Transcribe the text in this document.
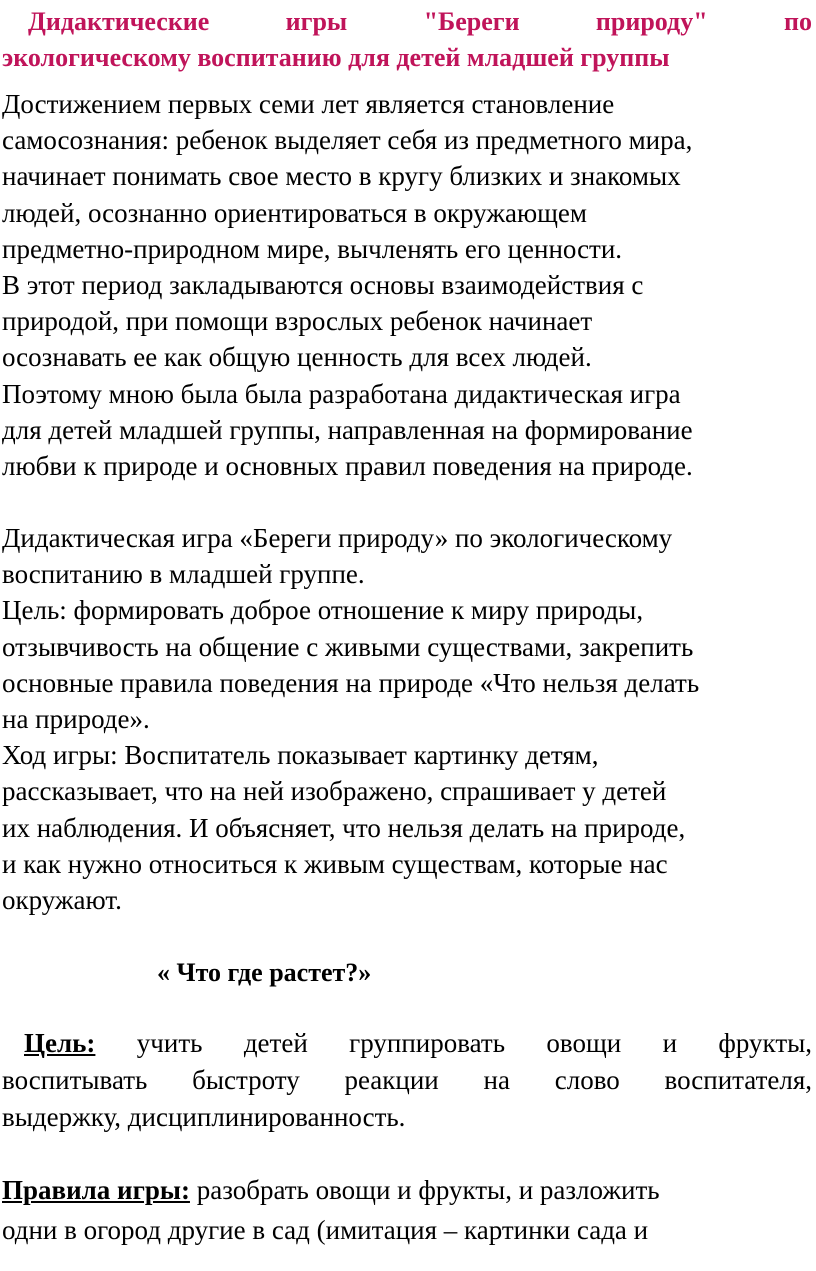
Дидактические игры "Береги природу" по
экологическому воспитанию для детей младшей группы
Достижением первых семи лет является становление
самосознания: ребенок выделяет себя из предметного мира,
начинает понимать свое место в кругу близких и знакомых
людей, осознанно ориентироваться в окружающем
предметно-природном мире, вычленять его ценности.
В этот период закладываются основы взаимодействия с
природой, при помощи взрослых ребенок начинает
осознавать ее как общую ценность для всех людей.
Поэтому мною была была разработана дидактическая игра
для детей младшей группы, направленная на формирование
любви к природе и основных правил поведения на природе.
Дидактическая игра «Береги природу» по экологическому
воспитанию в младшей группе.
Цель: формировать доброе отношение к миру природы,
отзывчивость на общение с живыми существами, закрепить
основные правила поведения на природе «Что нельзя делать
на природе».
Ход игры: Воспитатель показывает картинку детям,
рассказывает, что на ней изображено, спрашивает у детей
их наблюдения. И объясняет, что нельзя делать на природе,
и как нужно относиться к живым существам, которые нас
окружают.
« Что где растет?»
Цель: учить детей группировать овощи и фрукты,
воспитывать быстроту реакции на слово воспитателя,
выдержку, дисциплинированность.
Правила игры: разобрать овощи и фрукты, и разложить
одни в огород другие в сад (имитация – картинки сада и
